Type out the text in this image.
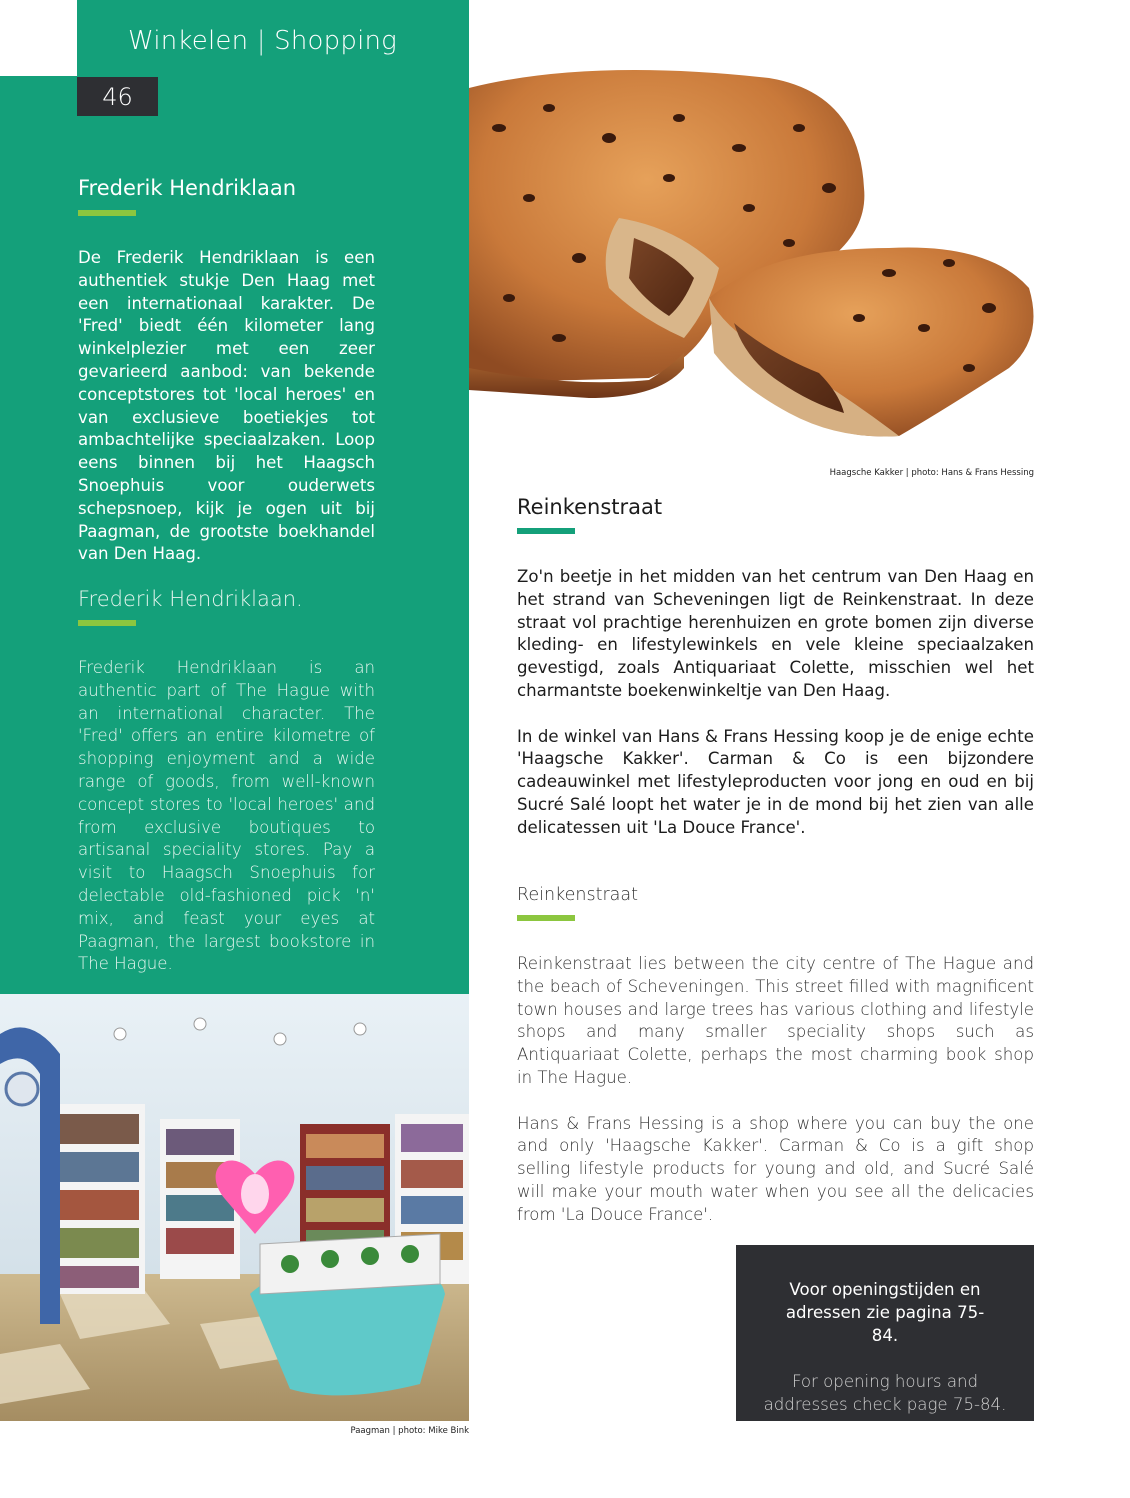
Winkelen | Shopping
46
Frederik Hendriklaan

De Frederik Hendriklaan is een authentiek stukje Den Haag met een internationaal karakter. De 'Fred' biedt één kilometer lang winkelplezier met een zeer gevarieerd aanbod: van bekende conceptstores tot 'local heroes' en van exclusieve boetiekjes tot ambachtelijke speciaalzaken. Loop eens binnen bij het Haagsch Snoephuis voor ouderwets schepsnoep, kijk je ogen uit bij Paagman, de grootste boekhandel van Den Haag.

Frederik Hendriklaan.

Frederik Hendriklaan is an authentic part of The Hague with an international character. The 'Fred' offers an entire kilometre of shopping enjoyment and a wide range of goods, from well-known concept stores to 'local heroes' and from exclusive boutiques to artisanal speciality stores. Pay a visit to Haagsch Snoephuis for delectable old-fashioned pick 'n' mix, and feast your eyes at Paagman, the largest bookstore in The Hague.

Haagsche Kakker | photo: Hans & Frans Hessing
Paagman | photo: Mike Bink
Reinkenstraat

Zo'n beetje in het midden van het centrum van Den Haag en het strand van Scheveningen ligt de Reinkenstraat. In deze straat vol prachtige herenhuizen en grote bomen zijn diverse kleding- en lifestylewinkels en vele kleine speciaalzaken gevestigd, zoals Antiquariaat Colette, misschien wel het charmantste boekenwinkeltje van Den Haag.

In de winkel van Hans & Frans Hessing koop je de enige echte 'Haagsche Kakker'. Carman & Co is een bijzondere cadeauwinkel met lifestyleproducten voor jong en oud en bij Sucré Salé loopt het water je in de mond bij het zien van alle delicatessen uit 'La Douce France'.

Reinkenstraat

Reinkenstraat lies between the city centre of The Hague and the beach of Scheveningen. This street filled with magnificent town houses and large trees has various clothing and lifestyle shops and many smaller speciality shops such as Antiquariaat Colette, perhaps the most charming book shop in The Hague.

Hans & Frans Hessing is a shop where you can buy the one and only 'Haagsche Kakker'. Carman & Co is a gift shop selling lifestyle products for young and old, and Sucré Salé will make your mouth water when you see all the delicacies from 'La Douce France'.

Voor openingstijden en adressen zie pagina 75-84.
For opening hours and addresses check page 75-84.
